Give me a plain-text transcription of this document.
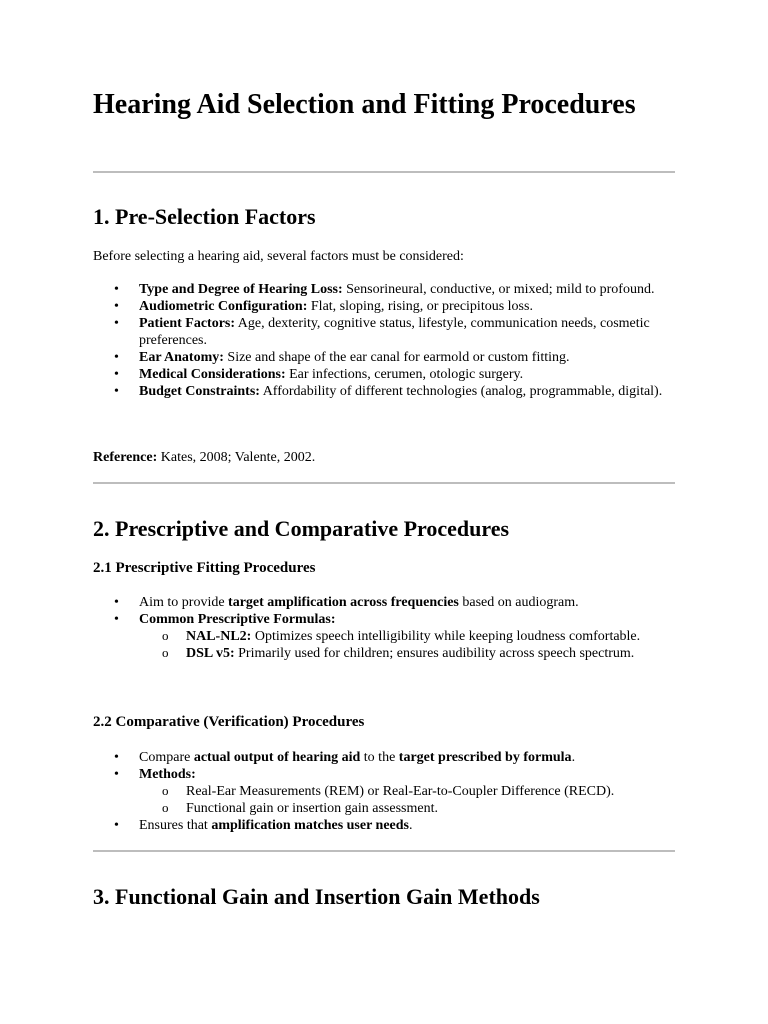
Hearing Aid Selection and Fitting Procedures
1. Pre-Selection Factors

Before selecting a hearing aid, several factors must be considered:

• Type and Degree of Hearing Loss: Sensorineural, conductive, or mixed; mild to profound.
• Audiometric Configuration: Flat, sloping, rising, or precipitous loss.
• Patient Factors: Age, dexterity, cognitive status, lifestyle, communication needs, cosmetic preferences.
• Ear Anatomy: Size and shape of the ear canal for earmold or custom fitting.
• Medical Considerations: Ear infections, cerumen, otologic surgery.
• Budget Constraints: Affordability of different technologies (analog, programmable, digital).

Reference: Kates, 2008; Valente, 2002.

2. Prescriptive and Comparative Procedures
2.1 Prescriptive Fitting Procedures
• Aim to provide target amplification across frequencies based on audiogram.
• Common Prescriptive Formulas:
o NAL-NL2: Optimizes speech intelligibility while keeping loudness comfortable.
o DSL v5: Primarily used for children; ensures audibility across speech spectrum.
2.2 Comparative (Verification) Procedures
• Compare actual output of hearing aid to the target prescribed by formula.
• Methods:
o Real-Ear Measurements (REM) or Real-Ear-to-Coupler Difference (RECD).
o Functional gain or insertion gain assessment.
• Ensures that amplification matches user needs.
3. Functional Gain and Insertion Gain Methods
